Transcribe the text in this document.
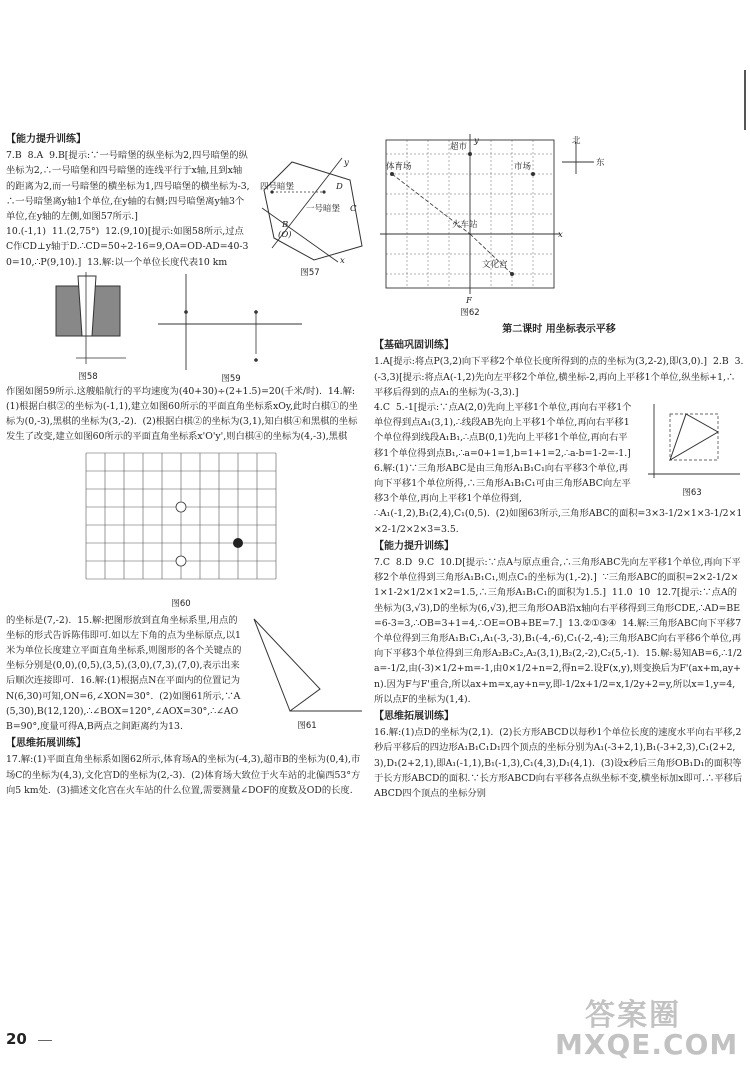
【能力提升训练】
四号暗堡
一号暗堡
D
C
B
(O)
y
x
图57

7.B  8.A  9.B[提示:∵一号暗堡的纵坐标为2,四号暗堡的纵坐标为2,∴一号暗堡和四号暗堡的连线平行于x轴,且到x轴的距离为2,而一号暗堡的横坐标为1,四号暗堡的横坐标为-3,∴一号暗堡离y轴1个单位,在y轴的右侧;四号暗堡离y轴3个单位,在y轴的左侧,如图57所示.]

10.(-1,1)  11.(2,75°)  12.(9,10)[提示:如图58所示,过点C作CD⊥y轴于D.∴CD=50÷2-16=9,OA=OD-AD=40-30=10,∴P(9,10).]  13.解:以一个单位长度代表10 km

图58	图59

作图如图59所示.这艘船航行的平均速度为(40+30)÷(2+1.5)=20(千米/时).  14.解:(1)根据白棋②的坐标为(-1,1),建立如图60所示的平面直角坐标系xOy,此时白棋①的坐标为(0,-3),黑棋的坐标为(3,-2).  (2)根据白棋②的坐标为(3,1),知白棋④和黑棋的坐标发生了改变,建立如图60所示的平面直角坐标系x'O'y',则白棋④的坐标为(4,-3),黑棋

图60
图61

的坐标是(7,-2).  15.解:把图形放到直角坐标系里,用点的坐标的形式告诉陈伟即可.如以左下角的点为坐标原点,以1米为单位长度建立平面直角坐标系,则图形的各个关键点的坐标分别是(0,0),(0,5),(3,5),(3,0),(7,3),(7,0),表示出来后顺次连接即可.  16.解:(1)根据点N在平面内的位置记为N(6,30)可知,ON=6,∠XON=30°.  (2)如图61所示,∵A(5,30),B(12,120),∴∠BOX=120°,∠AOX=30°,∴∠AOB=90°,度量可得A,B两点之间距离约为13.

【思维拓展训练】

17.解:(1)平面直角坐标系如图62所示,体育场A的坐标为(-4,3),超市B的坐标为(0,4),市场C的坐标为(4,3),文化宫D的坐标为(2,-3).  (2)体育场大致位于火车站的北偏西53°方向5 km处.  (3)描述文化宫在火车站的什么位置,需要测量∠DOF的度数及OD的长度.

体育场
超市
市场
火车站
文化宫
北
东
y
x
F
图62
第二课时 用坐标表示平移
【基础巩固训练】

1.A[提示:将点P(3,2)向下平移2个单位长度所得到的点的坐标为(3,2-2),即(3,0).]  2.B  3.(-3,3)[提示:将点A(-1,2)先向左平移2个单位,横坐标-2,再向上平移1个单位,纵坐标+1,∴平移后得到的点A₁的坐标为(-3,3).]

图63

4.C  5.-1[提示:∵点A(2,0)先向上平移1个单位,再向右平移1个单位得到点A₁(3,1),∴线段AB先向上平移1个单位,再向右平移1个单位得到线段A₁B₁,∴点B(0,1)先向上平移1个单位,再向右平移1个单位得到点B₁,∴a=0+1=1,b=1+1=2,∴a-b=1-2=-1.]  6.解:(1)∵三角形ABC是由三角形A₁B₁C₁向右平移3个单位,再向下平移1个单位所得,∴三角形A₁B₁C₁可由三角形ABC向左平移3个单位,再向上平移1个单位得到,

∴A₁(-1,2),B₁(2,4),C₁(0,5).  (2)如图63所示,三角形ABC的面积=3×3-1/2×1×3-1/2×1×2-1/2×2×3=3.5.

【能力提升训练】

7.C  8.D  9.C  10.D[提示:∵点A与原点重合,∴三角形ABC先向左平移1个单位,再向下平移2个单位得到三角形A₁B₁C₁,则点C₁的坐标为(1,-2).]  ∵三角形ABC的面积=2×2-1/2×1×1-2×1/2×1×2=1.5,∴三角形A₁B₁C₁的面积为1.5.]  11.0  10  12.7[提示:∵点A的坐标为(3,√3),D的坐标为(6,√3),把三角形OAB沿x轴向右平移得到三角形CDE,∴AD=BE=6-3=3,∴OB=3+1=4,∴OE=OB+BE=7.]  13.②①③④  14.解:三角形ABC向下平移7个单位得到三角形A₁B₁C₁,A₁(-3,-3),B₁(-4,-6),C₁(-2,-4);三角形ABC向右平移6个单位,再向下平移3个单位得到三角形A₂B₂C₂,A₂(3,1),B₂(2,-2),C₂(5,-1).  15.解:易知AB=6,∴1/2a=-1/2,由(-3)×1/2+m=-1,由0×1/2+n=2,得n=2.设F(x,y),则变换后为F'(ax+m,ay+n).因为F与F'重合,所以ax+m=x,ay+n=y,即-1/2x+1/2=x,1/2y+2=y,所以x=1,y=4,所以点F的坐标为(1,4).

【思维拓展训练】

16.解:(1)点D的坐标为(2,1).  (2)长方形ABCD以每秒1个单位长度的速度水平向右平移,2秒后平移后的四边形A₁B₁C₁D₁四个顶点的坐标分别为A₁(-3+2,1),B₁(-3+2,3),C₁(2+2,3),D₁(2+2,1),即A₁(-1,1),B₁(-1,3),C₁(4,3),D₁(4,1).  (3)设x秒后三角形OB₁D₁的面积等于长方形ABCD的面积.∵长方形ABCD向右平移各点纵坐标不变,横坐标加x即可.∴平移后ABCD四个顶点的坐标分别

20
答案圈
MXQE.COM
